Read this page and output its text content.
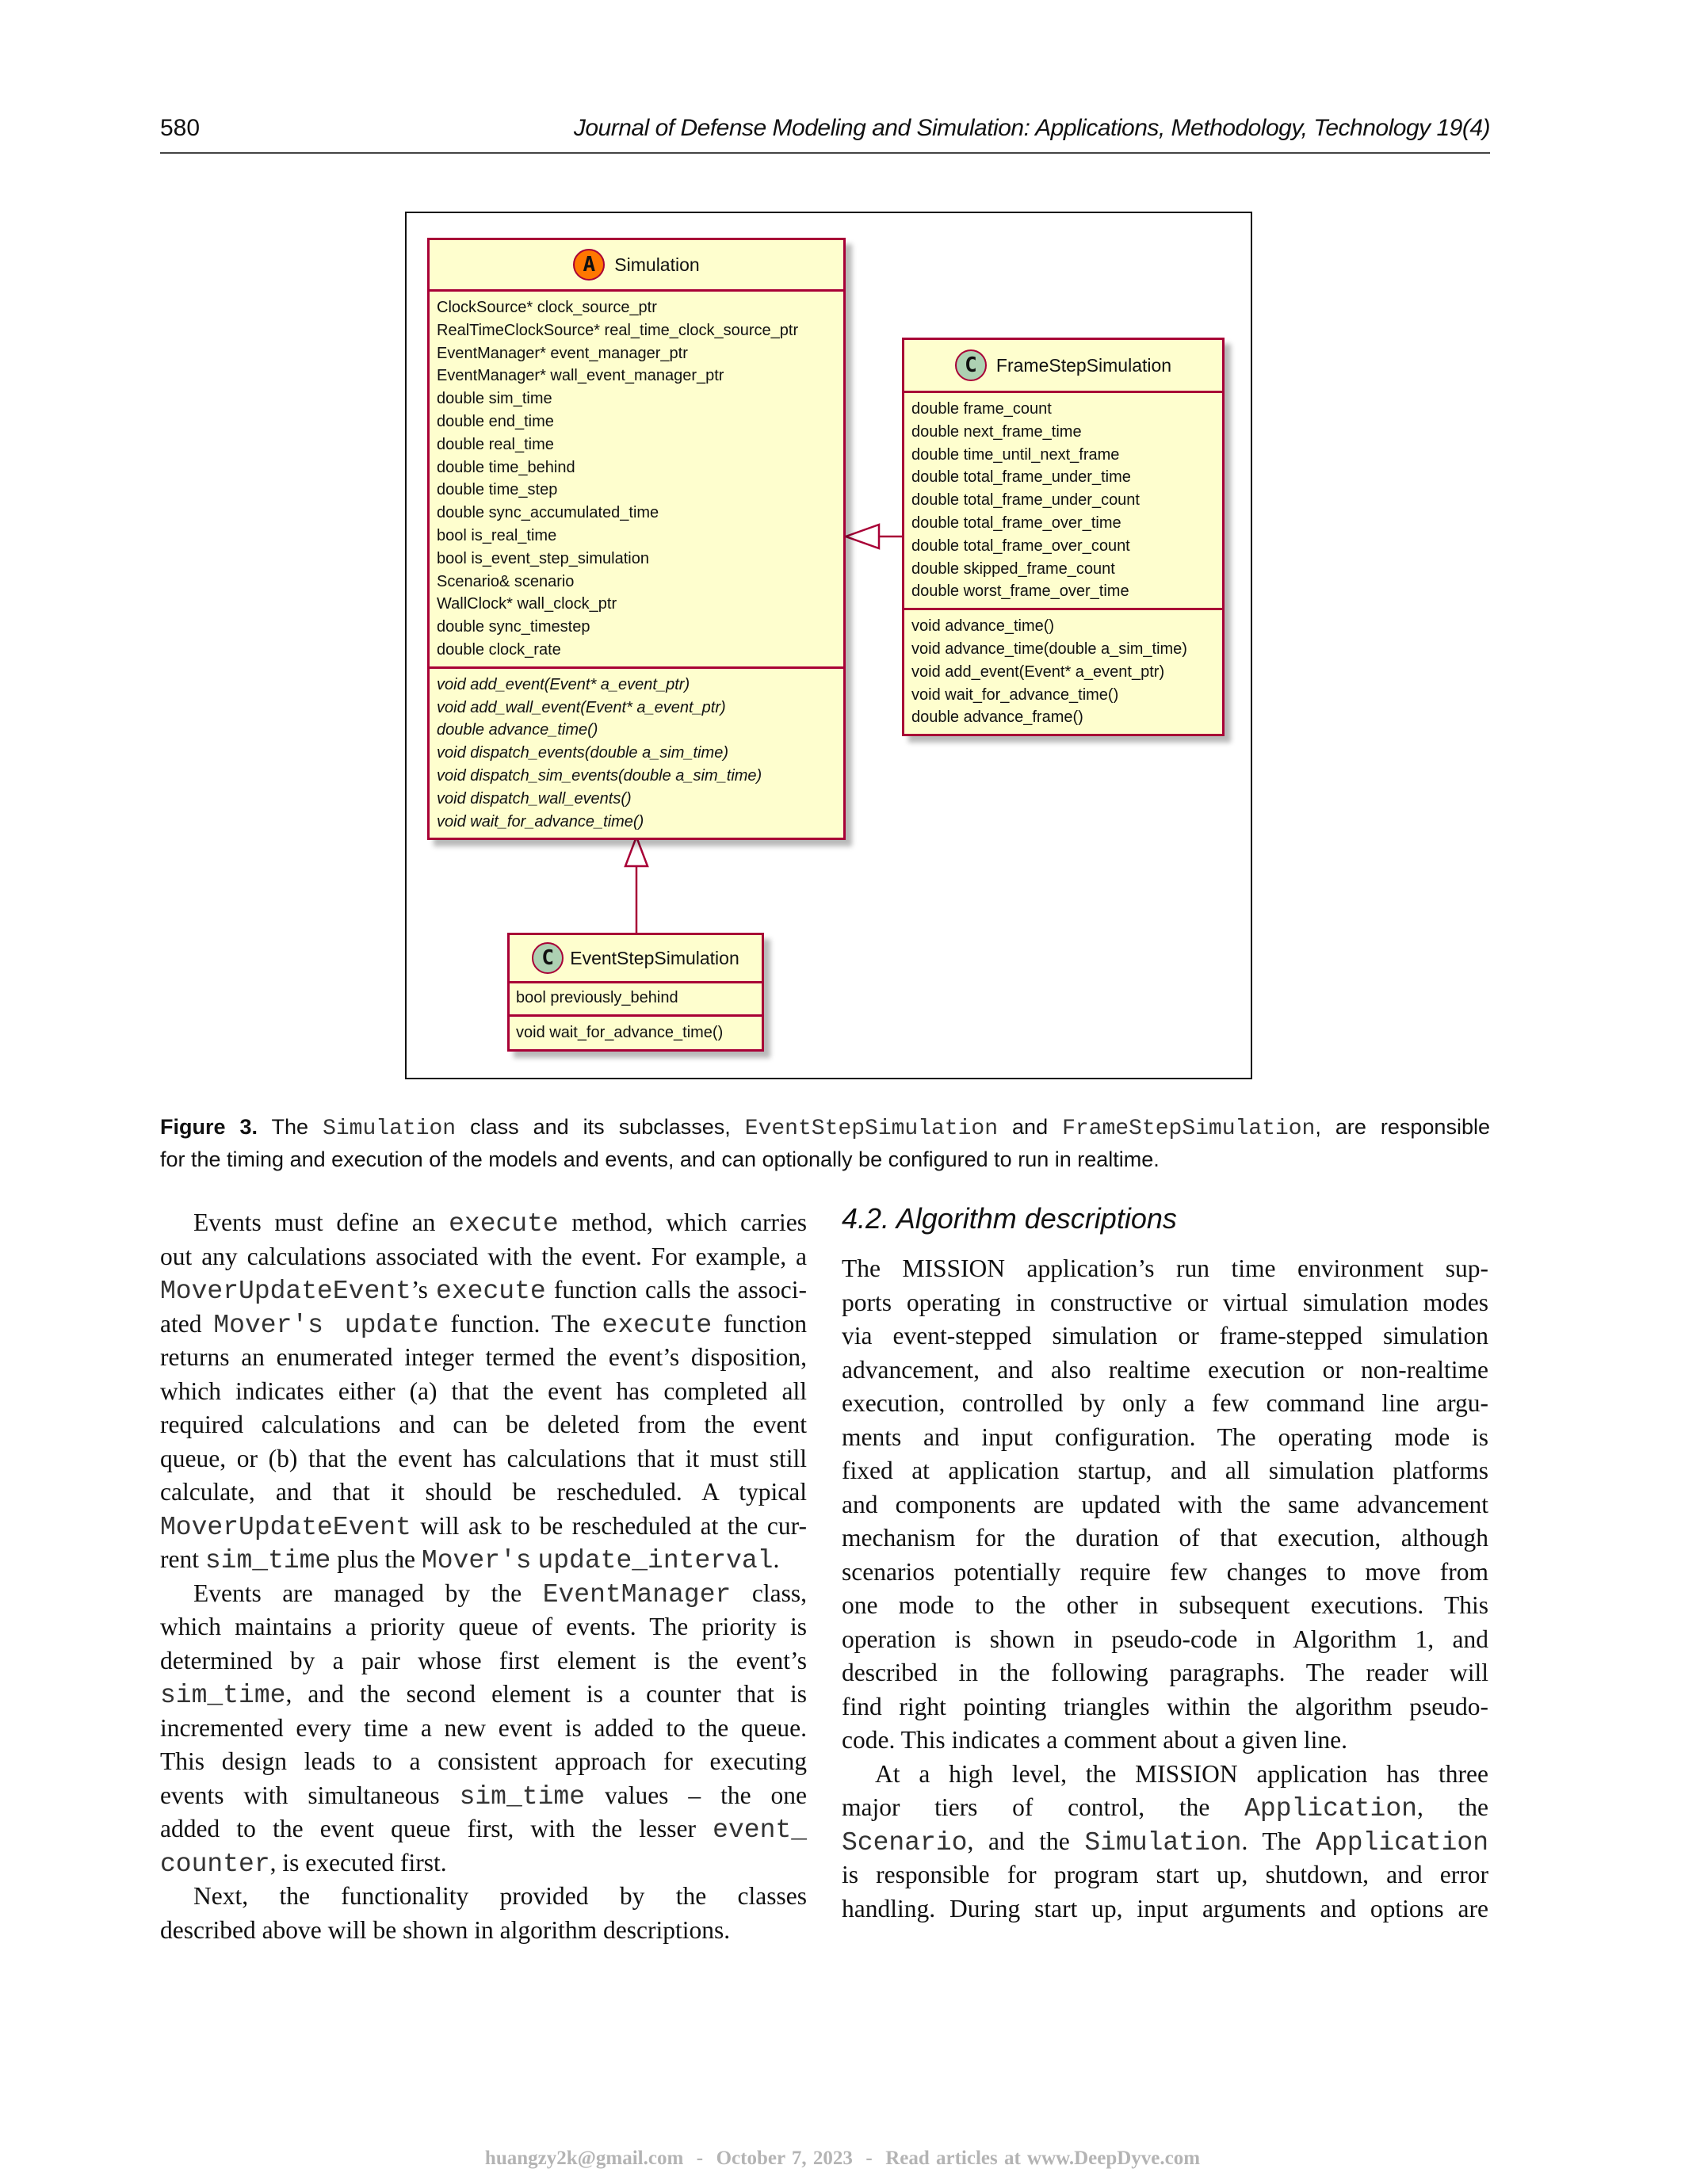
580	Journal of Defense Modeling and Simulation: Applications, Methodology, Technology 19(4)
A	Simulation
ClockSource* clock_source_ptr
RealTimeClockSource* real_time_clock_source_ptr
EventManager* event_manager_ptr
EventManager* wall_event_manager_ptr
double sim_time
double end_time
double real_time
double time_behind
double time_step
double sync_accumulated_time
bool is_real_time
bool is_event_step_simulation
Scenario& scenario
WallClock* wall_clock_ptr
double sync_timestep
double clock_rate
void add_event(Event* a_event_ptr)
void add_wall_event(Event* a_event_ptr)
double advance_time()
void dispatch_events(double a_sim_time)
void dispatch_sim_events(double a_sim_time)
void dispatch_wall_events()
void wait_for_advance_time()
C	FrameStepSimulation
double frame_count
double next_frame_time
double time_until_next_frame
double total_frame_under_time
double total_frame_under_count
double total_frame_over_time
double total_frame_over_count
double skipped_frame_count
double worst_frame_over_time
void advance_time()
void advance_time(double a_sim_time)
void add_event(Event* a_event_ptr)
void wait_for_advance_time()
double advance_frame()
C EventStepSimulation
bool previously_behind
void wait_for_advance_time()
Figure 3. The Simulation class and its subclasses, EventStepSimulation and FrameStepSimulation, are responsible
for the timing and execution of the models and events, and can optionally be configured to run in realtime.
Events must define an execute method, which carries
out any calculations associated with the event. For example, a
MoverUpdateEvent’s execute function calls the associ-
ated Mover′s update function. The execute function
returns an enumerated integer termed the event’s disposition,
which indicates either (a) that the event has completed all
required calculations and can be deleted from the event
queue, or (b) that the event has calculations that it must still
calculate, and that it should be rescheduled. A typical
MoverUpdateEvent will ask to be rescheduled at the cur-
rent sim_time plus the Mover′s update_interval.
Events are managed by the EventManager class,
which maintains a priority queue of events. The priority is
determined by a pair whose first element is the event’s
sim_time, and the second element is a counter that is
incremented every time a new event is added to the queue.
This design leads to a consistent approach for executing
events with simultaneous sim_time values – the one
added to the event queue first, with the lesser event_
counter, is executed first.
Next, the functionality provided by the classes
described above will be shown in algorithm descriptions.
4.2. Algorithm descriptions
The MISSION application’s run time environment sup-
ports operating in constructive or virtual simulation modes
via event-stepped simulation or frame-stepped simulation
advancement, and also realtime execution or non-realtime
execution, controlled by only a few command line argu-
ments and input configuration. The operating mode is
fixed at application startup, and all simulation platforms
and components are updated with the same advancement
mechanism for the duration of that execution, although
scenarios potentially require few changes to move from
one mode to the other in subsequent executions. This
operation is shown in pseudo-code in Algorithm 1, and
described in the following paragraphs. The reader will
find right pointing triangles within the algorithm pseudo-
code. This indicates a comment about a given line.
At a high level, the MISSION application has three
major tiers of control, the Application, the
Scenario, and the Simulation. The Application
is responsible for program start up, shutdown, and error
handling. During start up, input arguments and options are
huangzy2k@gmail.com  -  October 7, 2023  -  Read articles at www.DeepDyve.com
